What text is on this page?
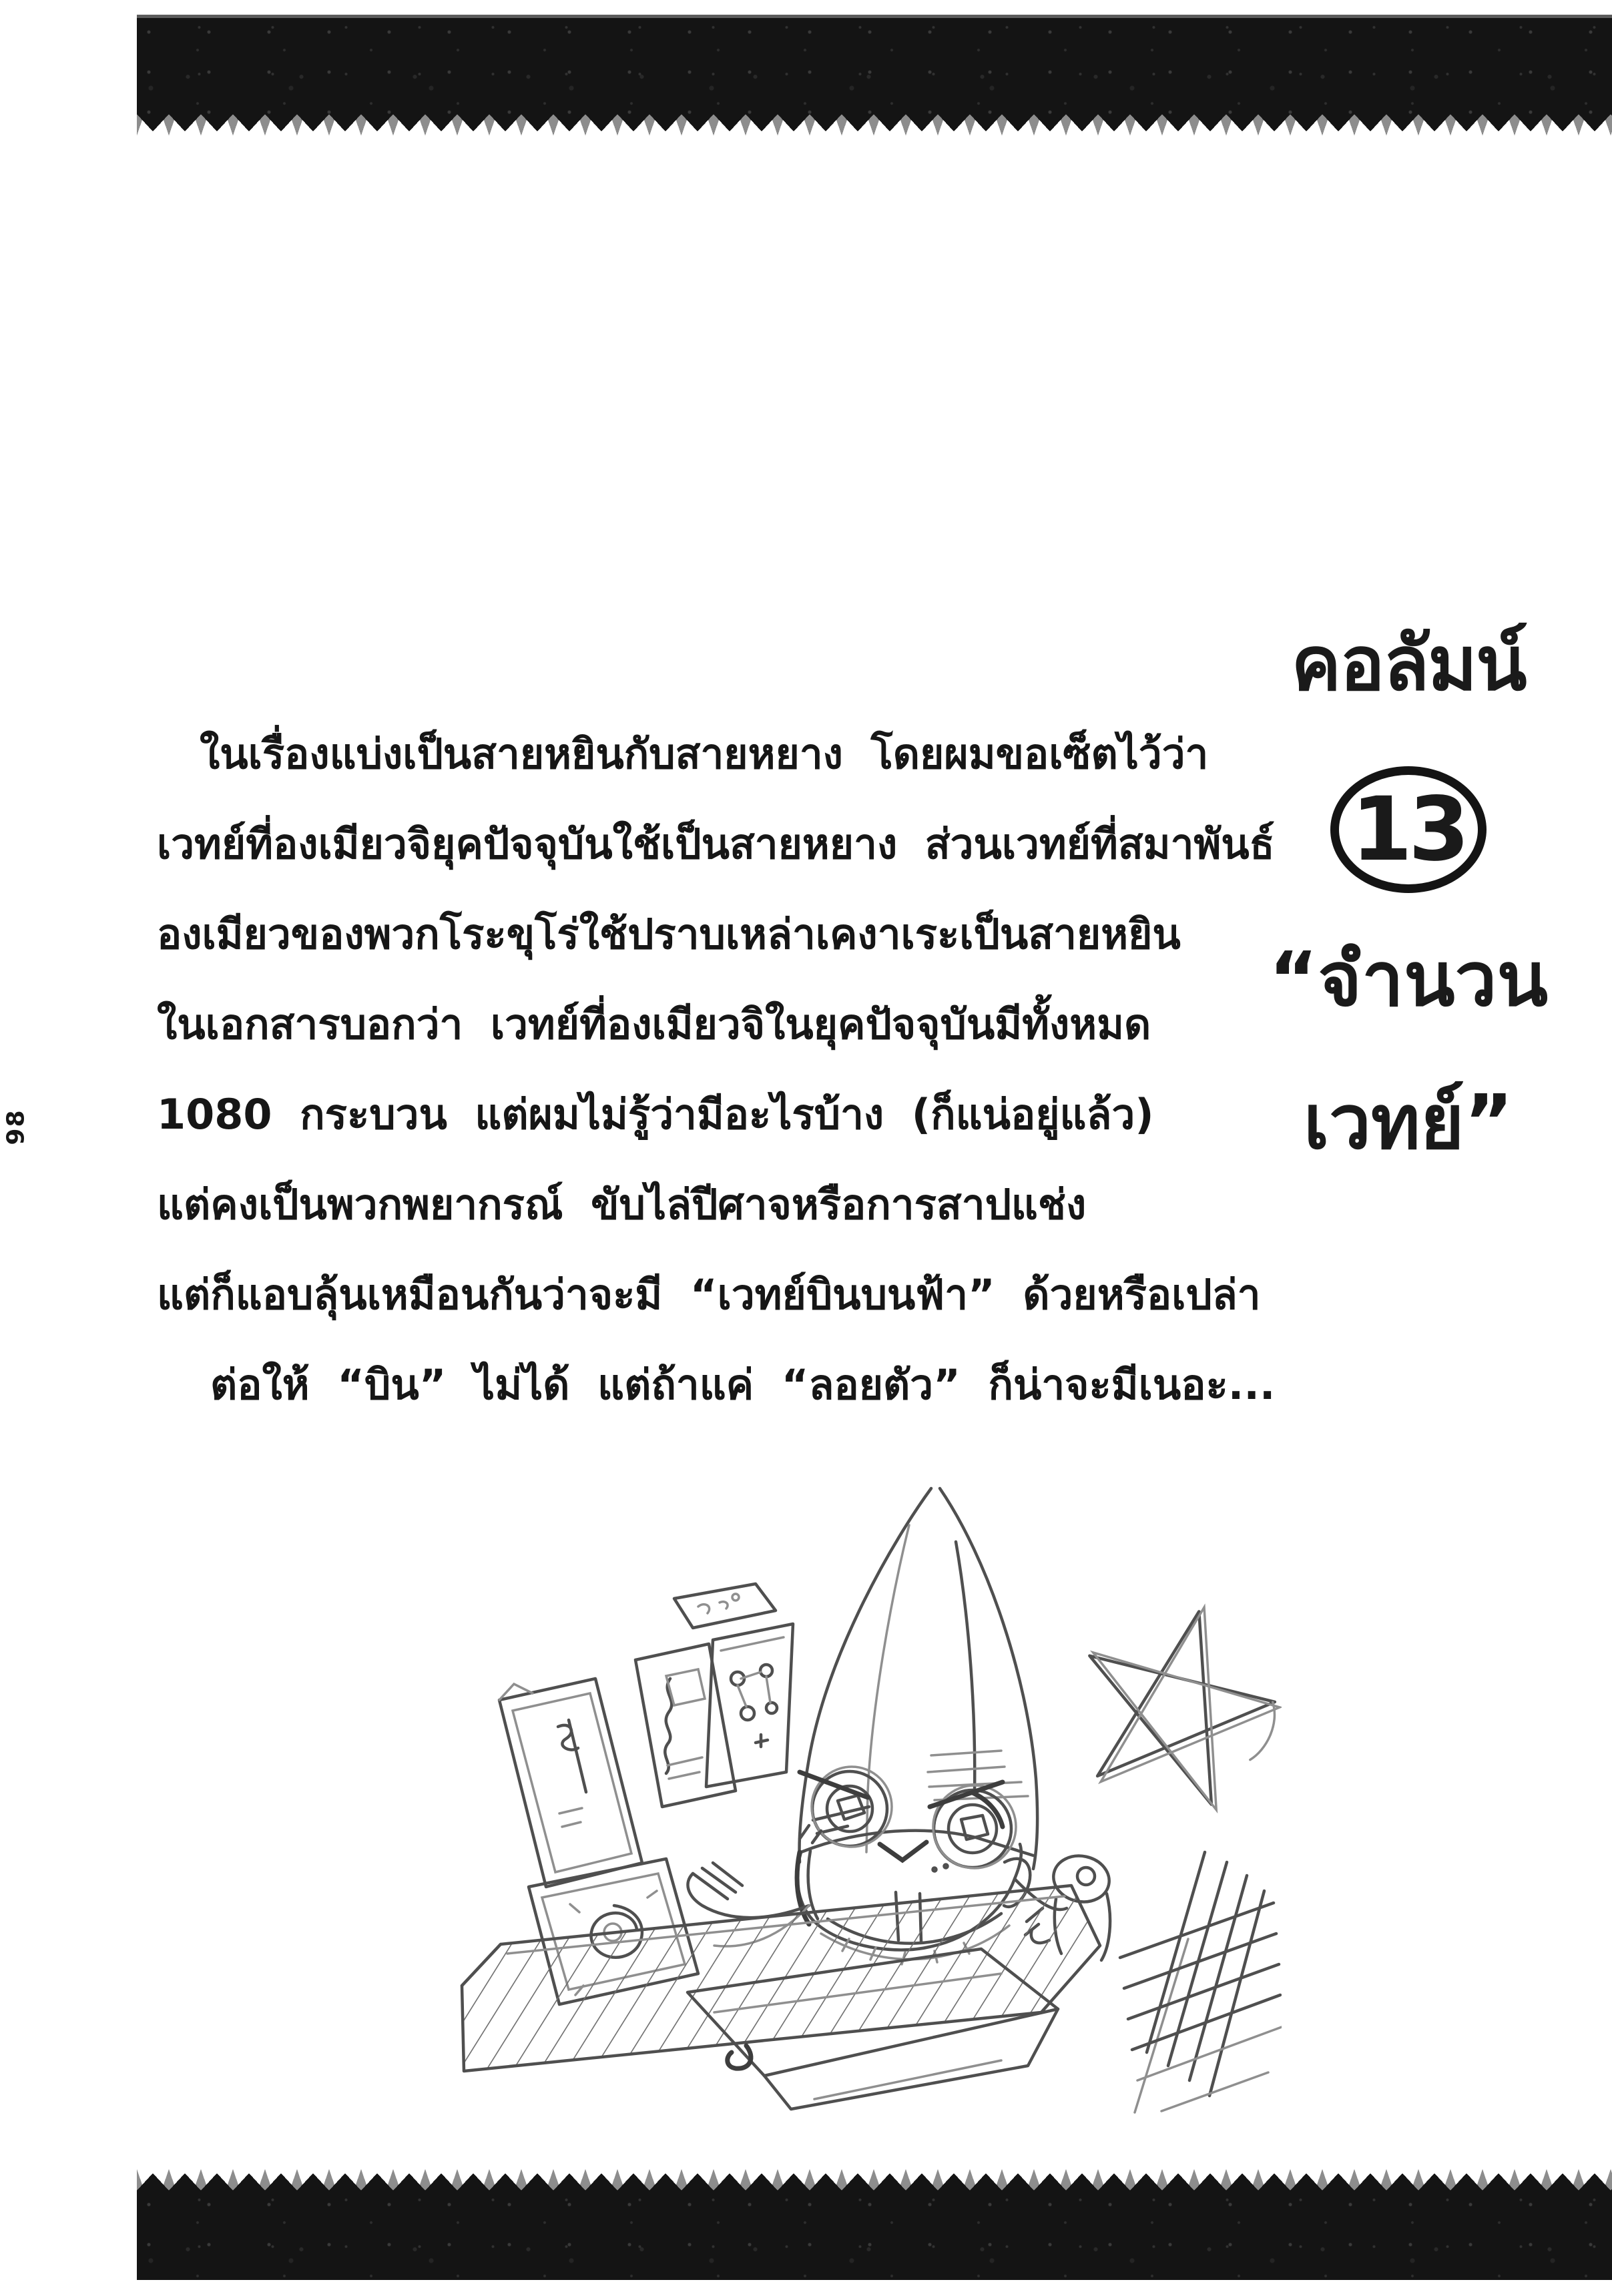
98
คอลัมน์
13
“จำนวน
เวทย์”
ในเรื่องแบ่งเป็นสายหยินกับสายหยาง โดยผมขอเซ็ตไว้ว่า
เวทย์ที่องเมียวจิยุคปัจจุบันใช้เป็นสายหยาง ส่วนเวทย์ที่สมาพันธ์
องเมียวของพวกโระขุโร่ใช้ปราบเหล่าเคงาเระเป็นสายหยิน
ในเอกสารบอกว่า เวทย์ที่องเมียวจิในยุคปัจจุบันมีทั้งหมด
1080 กระบวน แต่ผมไม่รู้ว่ามีอะไรบ้าง (ก็แน่อยู่แล้ว)
แต่คงเป็นพวกพยากรณ์ ขับไล่ปีศาจหรือการสาปแช่ง
แต่ก็แอบลุ้นเหมือนกันว่าจะมี “เวทย์บินบนฟ้า” ด้วยหรือเปล่า
ต่อให้ “บิน” ไม่ได้ แต่ถ้าแค่ “ลอยตัว” ก็น่าจะมีเนอะ...
